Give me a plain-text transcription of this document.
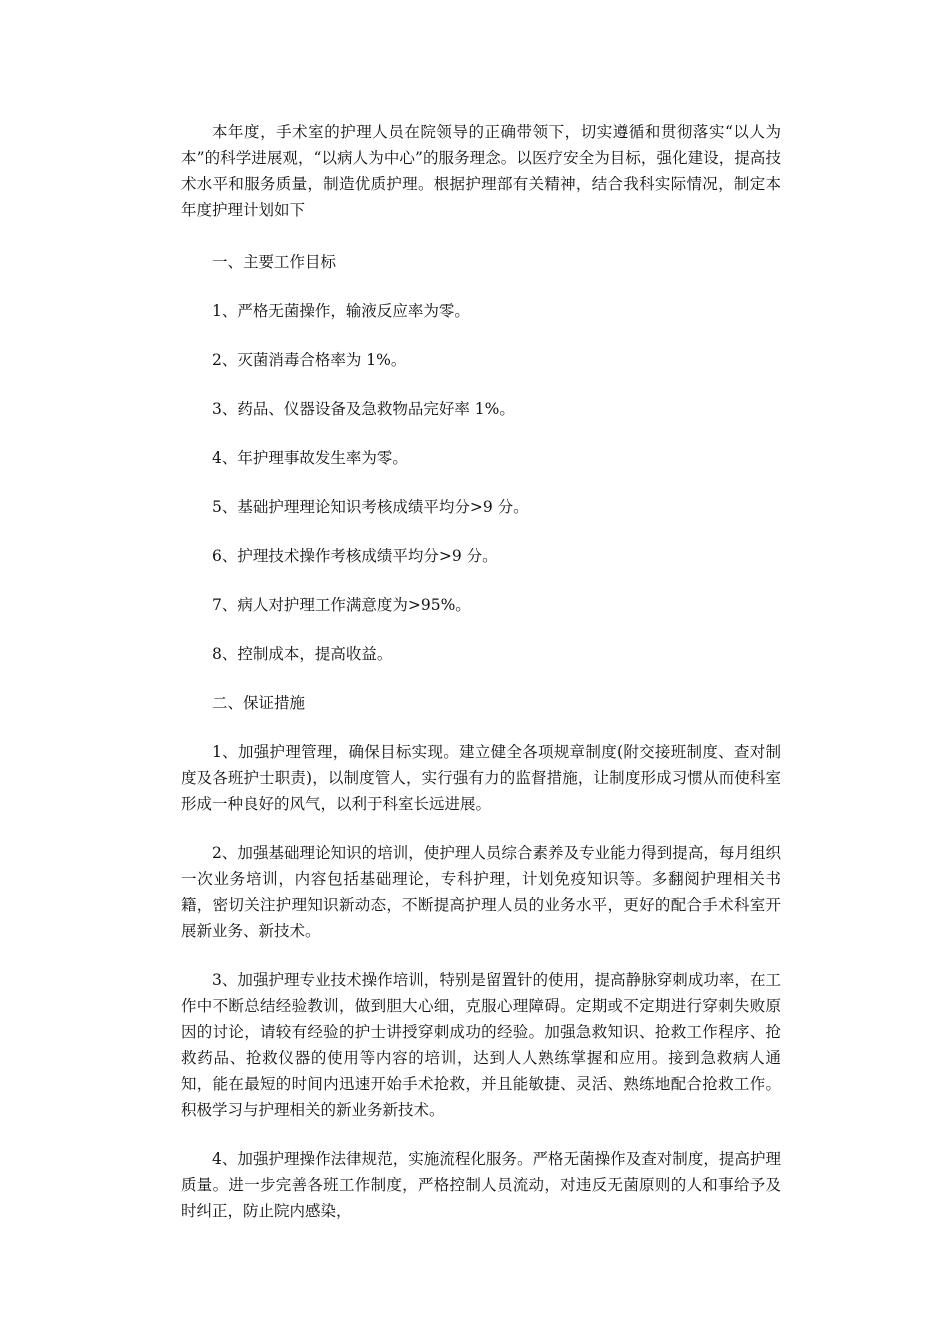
本年度，手术室的护理人员在院领导的正确带领下，切实遵循和贯彻落实“以人为本”的科学进展观，“以病人为中心”的服务理念。以医疗安全为目标，强化建设，提高技术水平和服务质量，制造优质护理。根据护理部有关精神，结合我科实际情况，制定本年度护理计划如下

一、主要工作目标

1、严格无菌操作，输液反应率为零。

2、灭菌消毒合格率为 1%。

3、药品、仪器设备及急救物品完好率 1%。

4、年护理事故发生率为零。

5、基础护理理论知识考核成绩平均分>9 分。

6、护理技术操作考核成绩平均分>9 分。

7、病人对护理工作满意度为>95%。

8、控制成本，提高收益。

二、保证措施

1、加强护理管理，确保目标实现。建立健全各项规章制度(附交接班制度、查对制度及各班护士职责)，以制度管人，实行强有力的监督措施，让制度形成习惯从而使科室形成一种良好的风气，以利于科室长远进展。

2、加强基础理论知识的培训，使护理人员综合素养及专业能力得到提高，每月组织一次业务培训，内容包括基础理论，专科护理，计划免疫知识等。多翻阅护理相关书籍，密切关注护理知识新动态，不断提高护理人员的业务水平，更好的配合手术科室开展新业务、新技术。

3、加强护理专业技术操作培训，特别是留置针的使用，提高静脉穿刺成功率，在工作中不断总结经验教训，做到胆大心细，克服心理障碍。定期或不定期进行穿刺失败原因的讨论，请较有经验的护士讲授穿刺成功的经验。加强急救知识、抢救工作程序、抢救药品、抢救仪器的使用等内容的培训，达到人人熟练掌握和应用。接到急救病人通知，能在最短的时间内迅速开始手术抢救，并且能敏捷、灵活、熟练地配合抢救工作。积极学习与护理相关的新业务新技术。

4、加强护理操作法律规范，实施流程化服务。严格无菌操作及查对制度，提高护理质量。进一步完善各班工作制度，严格控制人员流动，对违反无菌原则的人和事给予及时纠正，防止院内感染，
